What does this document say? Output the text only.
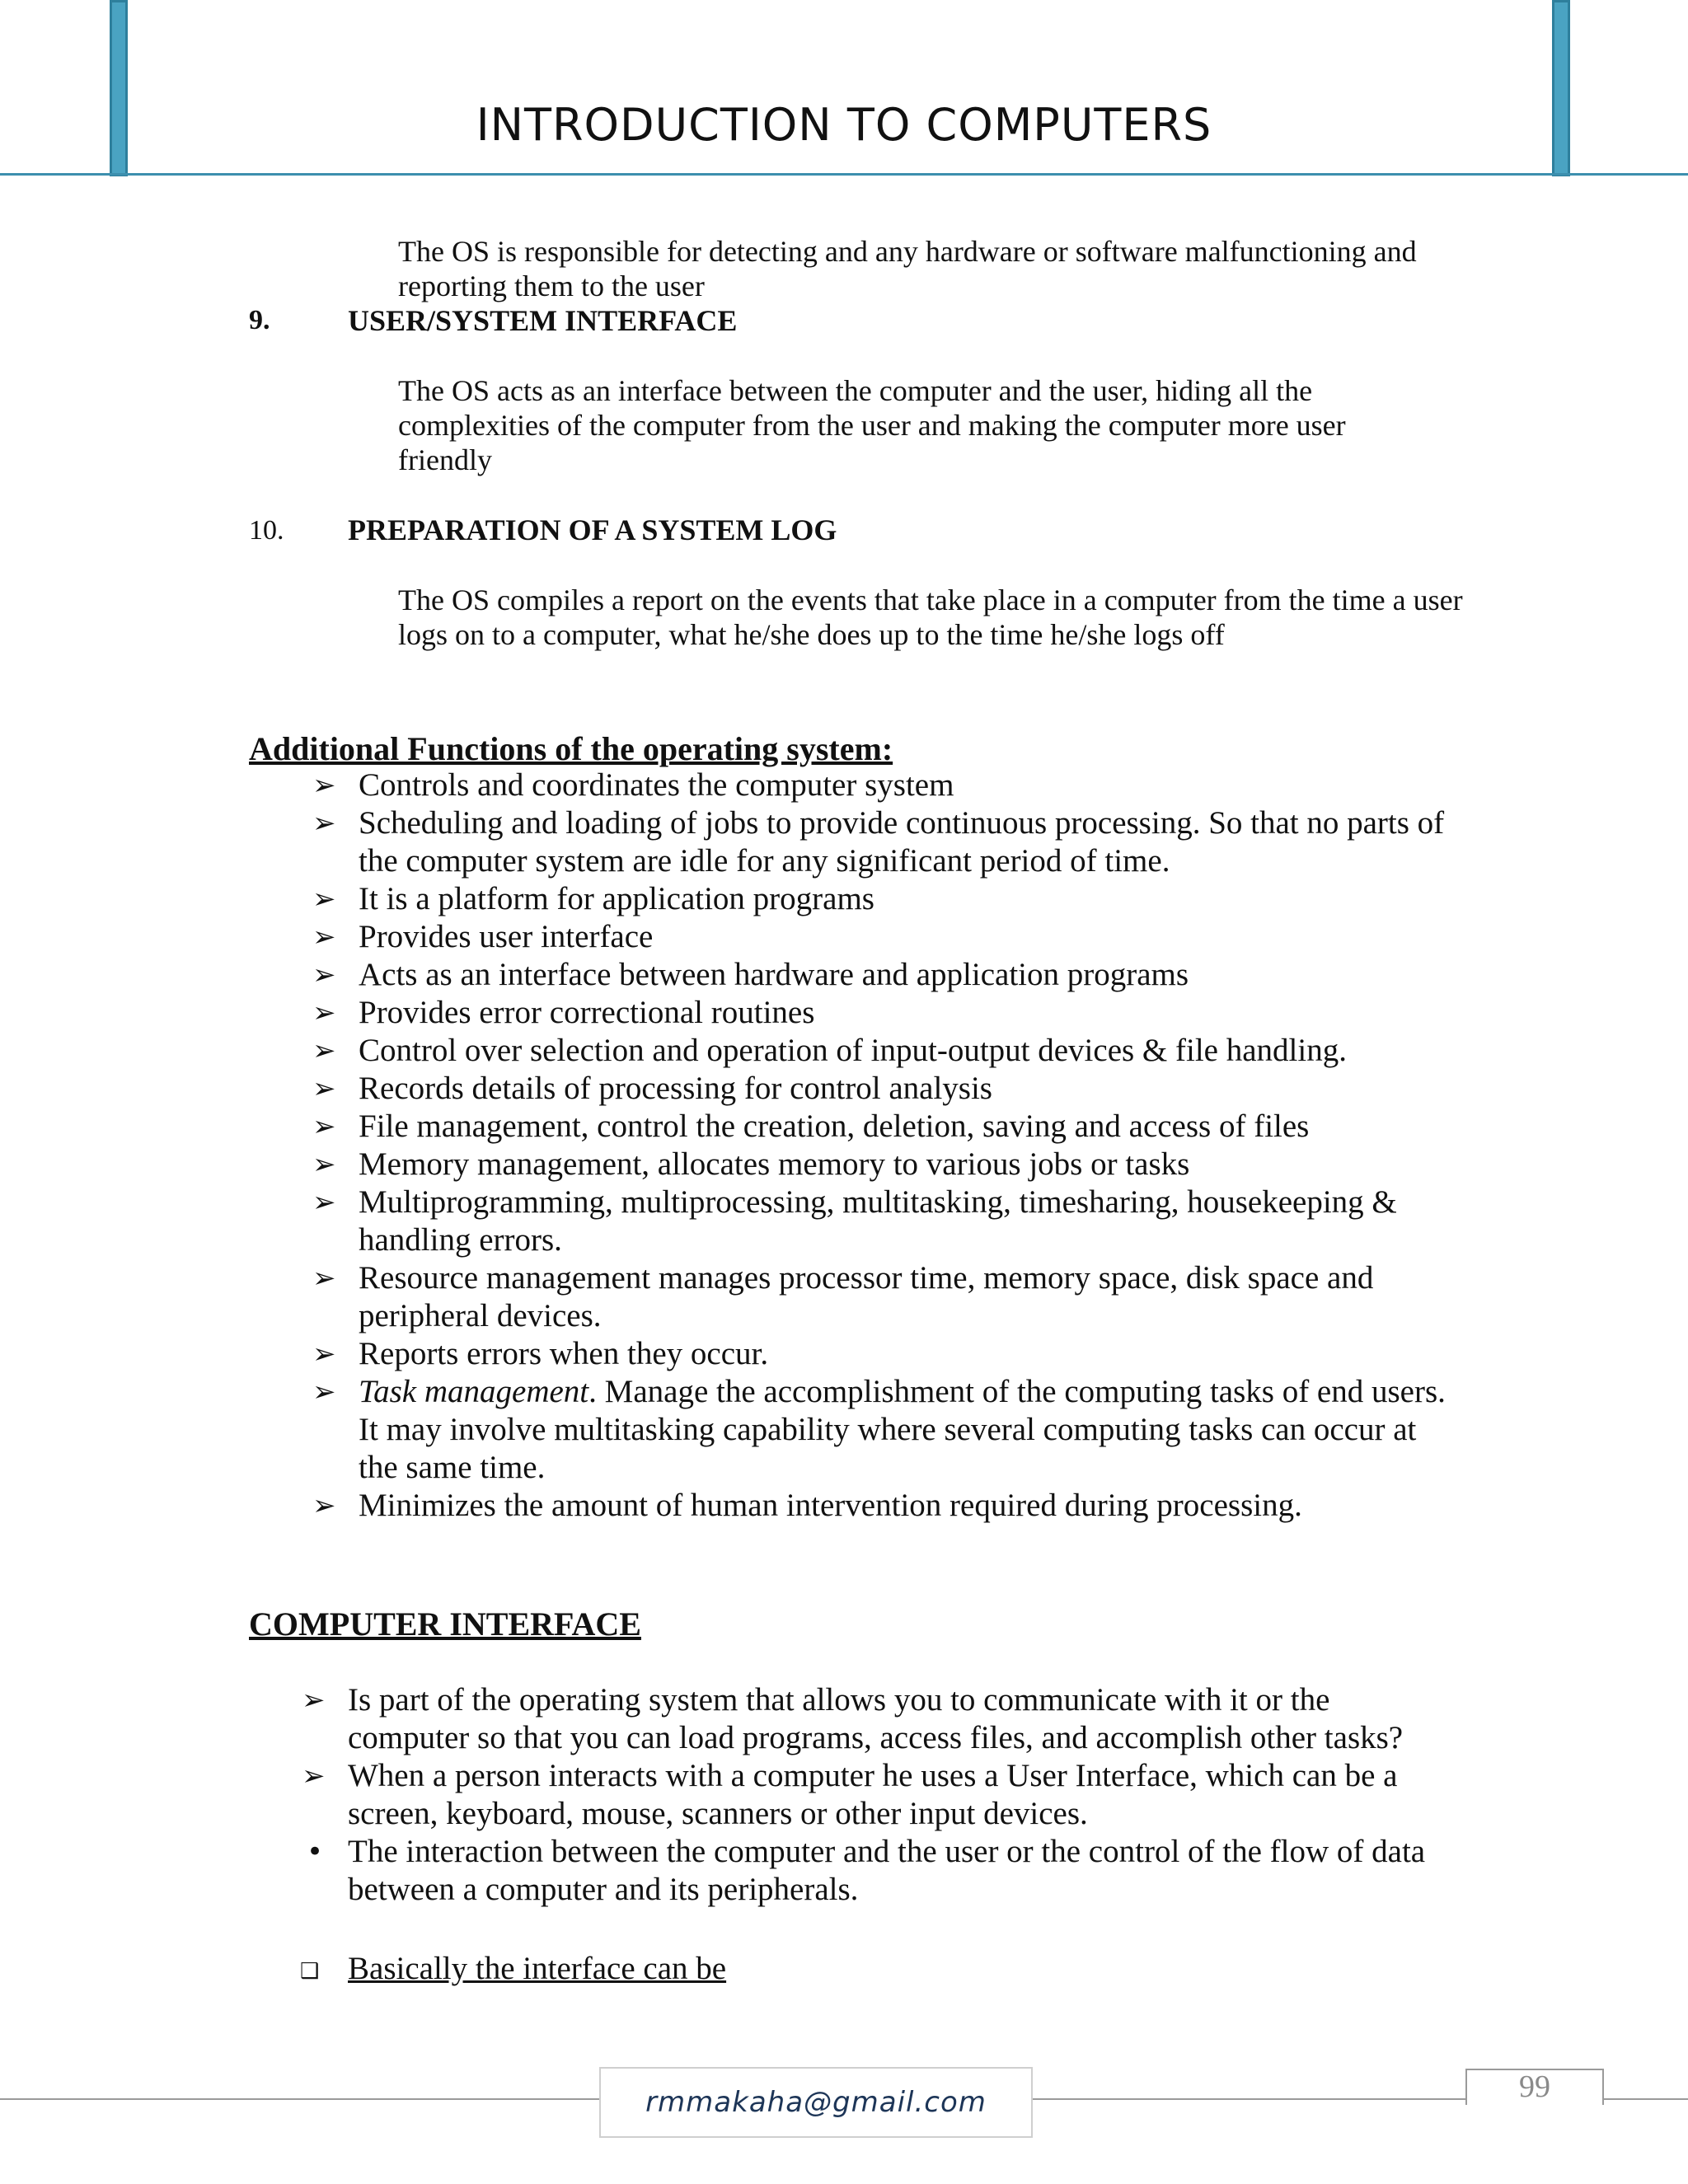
INTRODUCTION TO COMPUTERS
The OS is responsible for detecting and any hardware or software malfunctioning and reporting them to the user
9.	USER/SYSTEM INTERFACE
The OS acts as an interface between the computer and the user, hiding all the complexities of the computer from the user and making the computer more user friendly
10. PREPARATION OF A SYSTEM LOG
The OS compiles a report on the events that take place in a computer from the time a user logs on to a computer, what he/she does up to the time he/she logs off
Additional Functions of the operating system:
➢ Controls and coordinates the computer system
➢ Scheduling and loading of jobs to provide continuous processing. So that no parts of the computer system are idle for any significant period of time.
➢ It is a platform for application programs
➢ Provides user interface
➢ Acts as an interface between hardware and application programs
➢ Provides error correctional routines
➢ Control over selection and operation of input-output devices & file handling.
➢ Records details of processing for control analysis
➢ File management, control the creation, deletion, saving and access of files
➢ Memory management, allocates memory to various jobs or tasks
➢ Multiprogramming, multiprocessing, multitasking, timesharing, housekeeping & handling errors.
➢ Resource management manages processor time, memory space, disk space and peripheral devices.
➢ Reports errors when they occur.
➢ Task management. Manage the accomplishment of the computing tasks of end users. It may involve multitasking capability where several computing tasks can occur at the same time.
➢ Minimizes the amount of human intervention required during processing.
COMPUTER INTERFACE
➢ Is part of the operating system that allows you to communicate with it or the computer so that you can load programs, access files, and accomplish other tasks?
➢ When a person interacts with a computer he uses a User Interface, which can be a screen, keyboard, mouse, scanners or other input devices.
• The interaction between the computer and the user or the control of the flow of data between a computer and its peripherals.
❑ Basically the interface can be
rmmakaha@gmail.com	99
